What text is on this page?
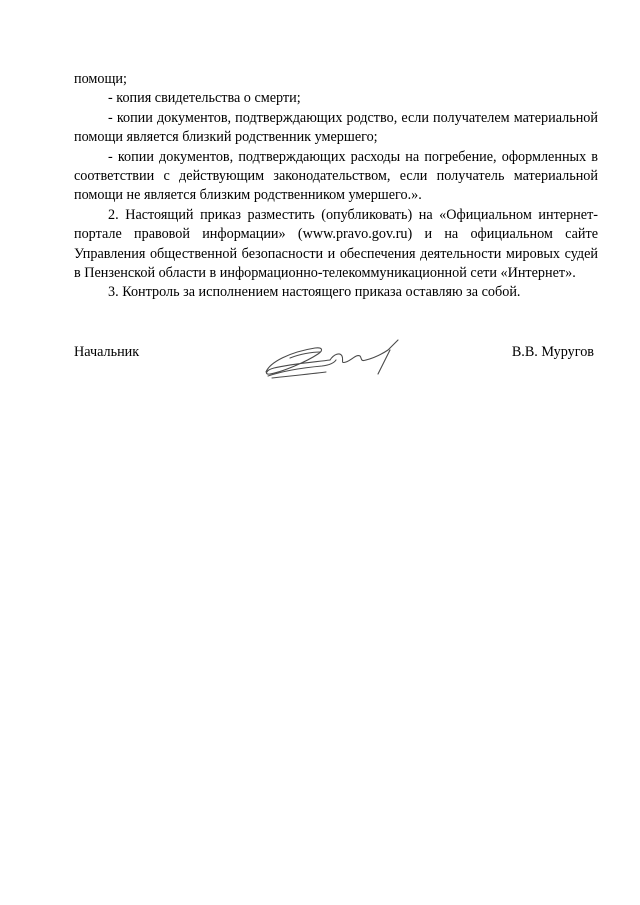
помощи;

- копия свидетельства о смерти;

- копии документов, подтверждающих родство, если получателем материальной помощи является близкий родственник умершего;

- копии документов, подтверждающих расходы на погребение, оформленных в соответствии с действующим законодательством, если получатель материальной помощи не является близким родственником умершего.».

2. Настоящий приказ разместить (опубликовать) на «Официальном интернет-портале правовой информации» (www.pravo.gov.ru) и на официальном сайте Управления общественной безопасности и обеспечения деятельности мировых судей в Пензенской области в информационно-телекоммуникационной сети «Интернет».

3. Контроль за исполнением настоящего приказа оставляю за собой.

Начальник	В.В. Муругов
